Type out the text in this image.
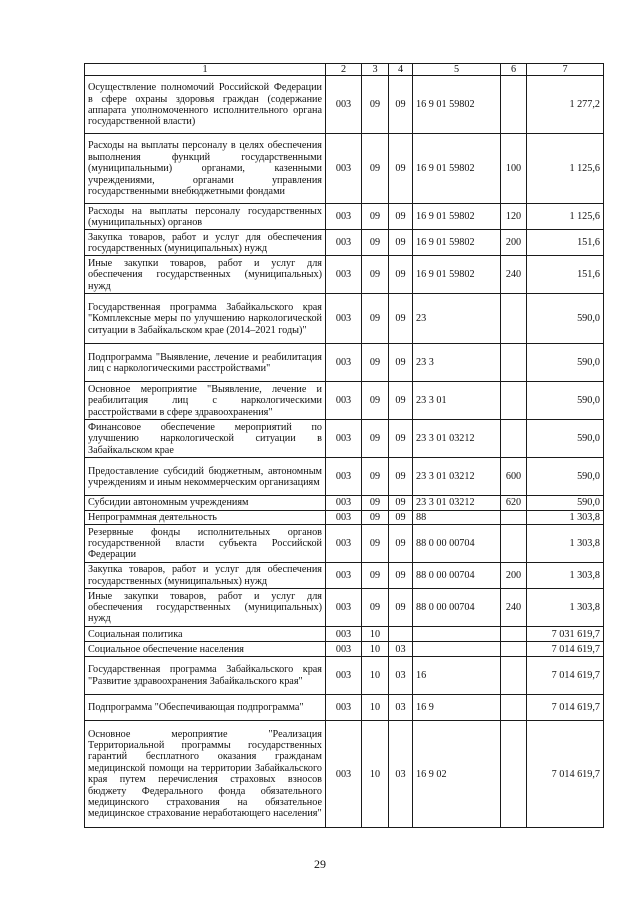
1	2	3	4	5	6	7
Осуществление полномочий Российской Федерации в сфере охраны здоровья граждан (содержание аппарата уполномоченного исполнительного органа государственной власти)	003	09	09	16 9 01 59802		1 277,2
Расходы на выплаты персоналу в целях обеспечения выполнения функций государственными (муниципальными) органами, казенными учреждениями, органами управления государственными внебюджетными фондами	003	09	09	16 9 01 59802	100	1 125,6
Расходы на выплаты персоналу государственных (муниципальных) органов	003	09	09	16 9 01 59802	120	1 125,6
Закупка товаров, работ и услуг для обеспечения государственных (муниципальных) нужд	003	09	09	16 9 01 59802	200	151,6
Иные закупки товаров, работ и услуг для обеспечения государственных (муниципальных) нужд	003	09	09	16 9 01 59802	240	151,6
Государственная программа Забайкальского края "Комплексные меры по улучшению наркологической ситуации в Забайкальском крае (2014–2021 годы)"	003	09	09	23		590,0
Подпрограмма "Выявление, лечение и реабилитация лиц с наркологическими расстройствами"	003	09	09	23 3		590,0
Основное мероприятие "Выявление, лечение и реабилитация лиц с наркологическими расстройствами в сфере здравоохранения"	003	09	09	23 3 01		590,0
Финансовое обеспечение мероприятий по улучшению наркологической ситуации в Забайкальском крае	003	09	09	23 3 01 03212		590,0
Предоставление субсидий бюджетным, автономным учреждениям и иным некоммерческим организациям	003	09	09	23 3 01 03212	600	590,0
Субсидии автономным учреждениям	003	09	09	23 3 01 03212	620	590,0
Непрограммная деятельность	003	09	09	88		1 303,8
Резервные фонды исполнительных органов государственной власти субъекта Российской Федерации	003	09	09	88 0 00 00704		1 303,8
Закупка товаров, работ и услуг для обеспечения государственных (муниципальных) нужд	003	09	09	88 0 00 00704	200	1 303,8
Иные закупки товаров, работ и услуг для обеспечения государственных (муниципальных) нужд	003	09	09	88 0 00 00704	240	1 303,8
Социальная политика	003	10				7 031 619,7
Социальное обеспечение населения	003	10	03			7 014 619,7
Государственная программа Забайкальского края "Развитие здравоохранения Забайкальского края"	003	10	03	16		7 014 619,7
Подпрограмма "Обеспечивающая подпрограмма"	003	10	03	16 9		7 014 619,7
Основное мероприятие "Реализация Территориальной программы государственных гарантий бесплатного оказания гражданам медицинской помощи на территории Забайкальского края путем перечисления страховых взносов бюджету Федерального фонда обязательного медицинского страхования на обязательное медицинское страхование неработающего населения"	003	10	03	16 9 02		7 014 619,7
29
